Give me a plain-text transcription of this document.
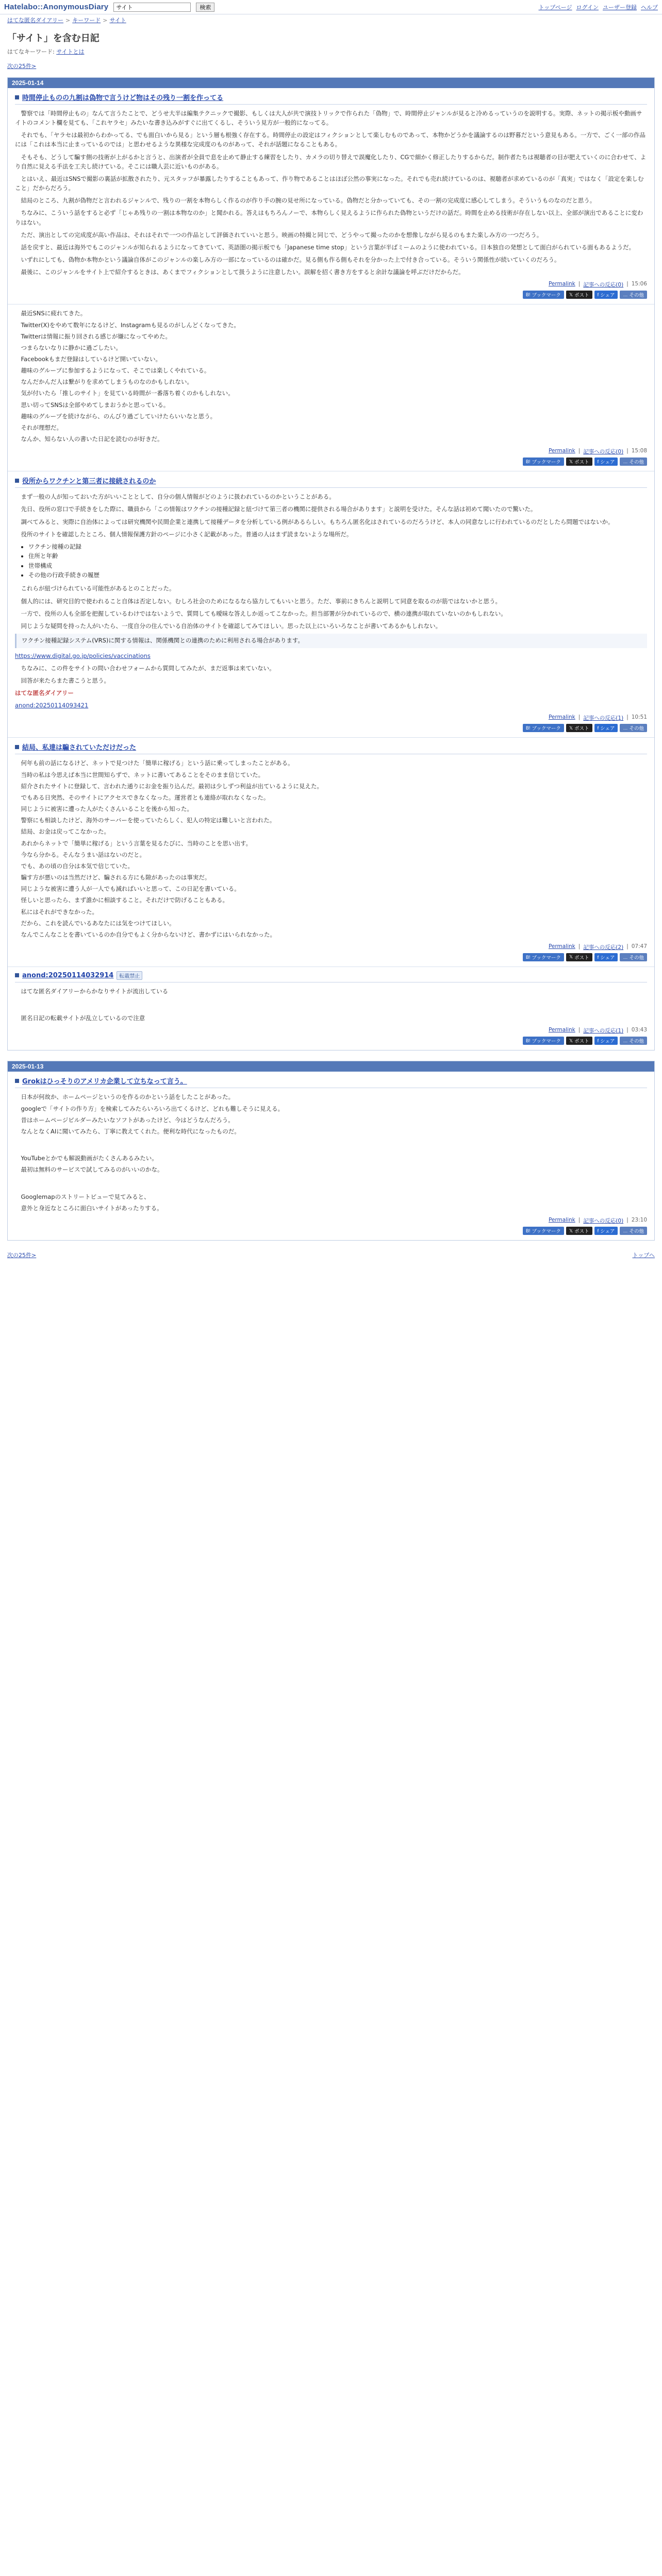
Hatelabo::AnonymousDiary
サイト	検索	トップページ ログイン ユーザー登録 ヘルプ
はてな匿名ダイアリー > キーワード > サイト
「サイト」を含む日記
はてなキーワード: サイトとは
次の25件>
2025-01-14
時間停止ものの九割は偽物で言うけど物はその残り一割を作ってる

警察では「時間停止もの」なんて言うたことで、どうせ大半は編集テクニックで撮影、もしくは大人が共で演技トリックで作られた「偽物」で、時間停止ジャンルが見ると冷めるっていうのを説明する。実際、ネットの掲示板や動画サイトのコメント欄を見ても、「これヤラセ」みたいな書き込みがすぐに出てくるし、そういう見方が一般的になってる。

それでも、「ヤラセは最初からわかってる、でも面白いから見る」という層も根強く存在する。時間停止の設定はフィクションとして楽しむものであって、本物かどうかを議論するのは野暮だという意見もある。一方で、ごく一部の作品には「これは本当に止まっているのでは」と思わせるような異様な完成度のものがあって、それが話題になることもある。

そもそも、どうして騙す側の技術が上がるかと言うと、出演者が全員で息を止めて静止する練習をしたり、カメラの切り替えで誤魔化したり、CGで細かく修正したりするからだ。制作者たちは視聴者の目が肥えていくのに合わせて、より自然に見える手法を工夫し続けている。そこには職人芸に近いものがある。

とはいえ、最近はSNSで撮影の裏話が拡散されたり、元スタッフが暴露したりすることもあって、作り物であることはほぼ公然の事実になった。それでも売れ続けているのは、視聴者が求めているのが「真実」ではなく「設定を楽しむこと」だからだろう。

結局のところ、九割が偽物だと言われるジャンルで、残りの一割を本物らしく作るのが作り手の腕の見せ所になっている。偽物だと分かっていても、その一割の完成度に感心してしまう。そういうものなのだと思う。

ちなみに、こういう話をすると必ず「じゃあ残りの一割は本物なのか」と聞かれる。答えはもちろんノーで、本物らしく見えるように作られた偽物というだけの話だ。時間を止める技術が存在しない以上、全部が演出であることに変わりはない。

ただ、演出としての完成度が高い作品は、それはそれで一つの作品として評価されていいと思う。映画の特撮と同じで、どうやって撮ったのかを想像しながら見るのもまた楽しみ方の一つだろう。

話を戻すと、最近は海外でもこのジャンルが知られるようになってきていて、英語圏の掲示板でも「Japanese time stop」という言葉が半ばミームのように使われている。日本独自の発想として面白がられている面もあるようだ。

いずれにしても、偽物か本物かという議論自体がこのジャンルの楽しみ方の一部になっているのは確かだ。見る側も作る側もそれを分かった上で付き合っている。そういう関係性が続いていくのだろう。

最後に、このジャンルをサイト上で紹介するときは、あくまでフィクションとして扱うように注意したい。誤解を招く書き方をすると余計な議論を呼ぶだけだからだ。

Permalink | 記事への反応(0) | 15:06
B! ブックマーク 𝕏 ポスト f シェア … その他

最近SNSに疲れてきた。

Twitter(X)をやめて数年になるけど、Instagramも見るのがしんどくなってきた。

Twitterは情報に振り回される感じが嫌になってやめた。

つまらないなりに静かに過ごしたい。

Facebookもまだ登録はしているけど開いていない。

趣味のグループに参加するようになって、そこでは楽しくやれている。

なんだかんだ人は繋がりを求めてしまうものなのかもしれない。

気が付いたら「推しのサイト」を見ている時間が一番落ち着くのかもしれない。

思い切ってSNSは全部やめてしまおうかと思っている。

趣味のグループを続けながら、のんびり過ごしていけたらいいなと思う。

それが理想だ。

なんか、知らない人の書いた日記を読むのが好きだ。

Permalink | 記事への反応(0) | 15:08
B! ブックマーク 𝕏 ポスト f シェア … その他
役所からワクチンと第三者に接続されるのか

まず一般の人が知っておいた方がいいこととして、自分の個人情報がどのように扱われているのかということがある。

先日、役所の窓口で手続きをした際に、職員から「この情報はワクチンの接種記録と紐づけて第三者の機関に提供される場合があります」と説明を受けた。そんな話は初めて聞いたので驚いた。

調べてみると、実際に自治体によっては研究機関や民間企業と連携して接種データを分析している例があるらしい。もちろん匿名化はされているのだろうけど、本人の同意なしに行われているのだとしたら問題ではないか。

役所のサイトを確認したところ、個人情報保護方針のページに小さく記載があった。普通の人はまず読まないような場所だ。

• ワクチン接種の記録
• 住所と年齢
• 世帯構成
• その他の行政手続きの履歴

これらが紐づけられている可能性があるとのことだった。

個人的には、研究目的で使われること自体は否定しない。むしろ社会のためになるなら協力してもいいと思う。ただ、事前にきちんと説明して同意を取るのが筋ではないかと思う。

一方で、役所の人も全部を把握しているわけではないようで、質問しても曖昧な答えしか返ってこなかった。担当部署が分かれているので、横の連携が取れていないのかもしれない。

同じような疑問を持った人がいたら、一度自分の住んでいる自治体のサイトを確認してみてほしい。思った以上にいろいろなことが書いてあるかもしれない。

ワクチン接種記録システム(VRS)に関する情報は、関係機関との連携のために利用される場合があります。
https://www.digital.go.jp/policies/vaccinations

ちなみに、この件をサイトの問い合わせフォームから質問してみたが、まだ返事は来ていない。

回答が来たらまた書こうと思う。

はてな匿名ダイアリー

anond:20250114093421

Permalink | 記事への反応(1) | 10:51
B! ブックマーク 𝕏 ポスト f シェア … その他
結局、私達は騙されていただけだった

何年も前の話になるけど、ネットで見つけた「簡単に稼げる」という話に乗ってしまったことがある。

当時の私は今思えば本当に世間知らずで、ネットに書いてあることをそのまま信じていた。

紹介されたサイトに登録して、言われた通りにお金を振り込んだ。最初は少しずつ利益が出ているように見えた。

でもある日突然、そのサイトにアクセスできなくなった。運営者とも連絡が取れなくなった。

同じように被害に遭った人がたくさんいることを後から知った。

警察にも相談したけど、海外のサーバーを使っていたらしく、犯人の特定は難しいと言われた。

結局、お金は戻ってこなかった。

あれからネットで「簡単に稼げる」という言葉を見るたびに、当時のことを思い出す。

今なら分かる。そんなうまい話はないのだと。

でも、あの頃の自分は本気で信じていた。

騙す方が悪いのは当然だけど、騙される方にも隙があったのは事実だ。

同じような被害に遭う人が一人でも減ればいいと思って、この日記を書いている。

怪しいと思ったら、まず誰かに相談すること。それだけで防げることもある。

私にはそれができなかった。

だから、これを読んでいるあなたには気をつけてほしい。

なんでこんなことを書いているのか自分でもよく分からないけど、書かずにはいられなかった。

Permalink | 記事への反応(2) | 07:47
B! ブックマーク 𝕏 ポスト f シェア … その他
anond:20250114032914	転載禁止

はてな匿名ダイアリーからかなりサイトが流出している

匿名日記の転載サイトが乱立しているので注意

Permalink | 記事への反応(1) | 03:43
B! ブックマーク 𝕏 ポスト f シェア … その他
2025-01-13
Grokはひっそりのアメリカ企業して立ちなって言う。

日本が何故か、ホームページというのを作るのかという話をしたことがあった。

googleで「サイトの作り方」を検索してみたらいろいろ出てくるけど、どれも難しそうに見える。

昔はホームページビルダーみたいなソフトがあったけど、今はどうなんだろう。

なんとなくAIに聞いてみたら、丁寧に教えてくれた。便利な時代になったものだ。

YouTubeとかでも解説動画がたくさんあるみたい。

最初は無料のサービスで試してみるのがいいのかな。

Googlemapのストリートビューで見てみると、

意外と身近なところに面白いサイトがあったりする。

Permalink | 記事への反応(0) | 23:10
B! ブックマーク 𝕏 ポスト f シェア … その他
次の25件>	トップへ
